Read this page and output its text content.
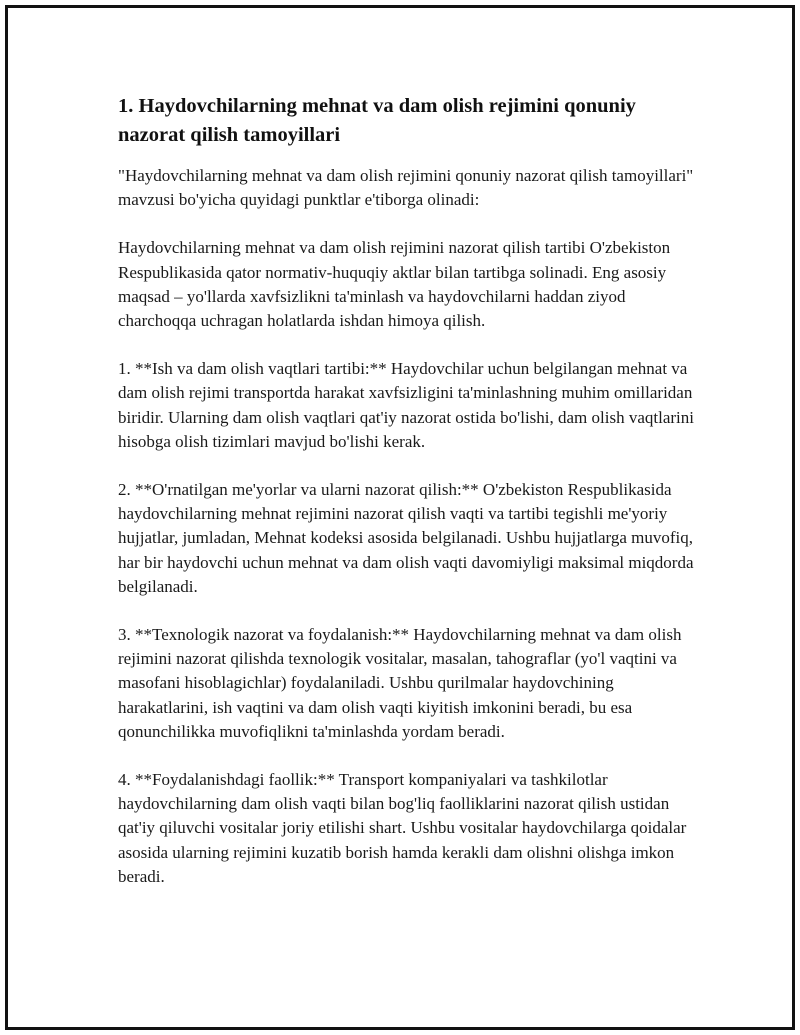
1. Haydovchilarning mehnat va dam olish rejimini qonuniy nazorat qilish tamoyillari

"Haydovchilarning mehnat va dam olish rejimini qonuniy nazorat qilish tamoyillari" mavzusi bo'yicha quyidagi punktlar e'tiborga olinadi:

Haydovchilarning mehnat va dam olish rejimini nazorat qilish tartibi O'zbekiston Respublikasida qator normativ-huquqiy aktlar bilan tartibga solinadi. Eng asosiy maqsad – yo'llarda xavfsizlikni ta'minlash va haydovchilarni haddan ziyod charchoqqa uchragan holatlarda ishdan himoya qilish.

1. **Ish va dam olish vaqtlari tartibi:** Haydovchilar uchun belgilangan mehnat va dam olish rejimi transportda harakat xavfsizligini ta'minlashning muhim omillaridan biridir. Ularning dam olish vaqtlari qat'iy nazorat ostida bo'lishi, dam olish vaqtlarini hisobga olish tizimlari mavjud bo'lishi kerak.

2. **O'rnatilgan me'yorlar va ularni nazorat qilish:** O'zbekiston Respublikasida haydovchilarning mehnat rejimini nazorat qilish vaqti va tartibi tegishli me'yoriy hujjatlar, jumladan, Mehnat kodeksi asosida belgilanadi. Ushbu hujjatlarga muvofiq, har bir haydovchi uchun mehnat va dam olish vaqti davomiyligi maksimal miqdorda belgilanadi.

3. **Texnologik nazorat va foydalanish:** Haydovchilarning mehnat va dam olish rejimini nazorat qilishda texnologik vositalar, masalan, tahograflar (yo'l vaqtini va masofani hisoblagichlar) foydalaniladi. Ushbu qurilmalar haydovchining harakatlarini, ish vaqtini va dam olish vaqti kiyitish imkonini beradi, bu esa qonunchilikka muvofiqlikni ta'minlashda yordam beradi.

4. **Foydalanishdagi faollik:** Transport kompaniyalari va tashkilotlar haydovchilarning dam olish vaqti bilan bog'liq faolliklarini nazorat qilish ustidan qat'iy qiluvchi vositalar joriy etilishi shart. Ushbu vositalar haydovchilarga qoidalar asosida ularning rejimini kuzatib borish hamda kerakli dam olishni olishga imkon beradi.
